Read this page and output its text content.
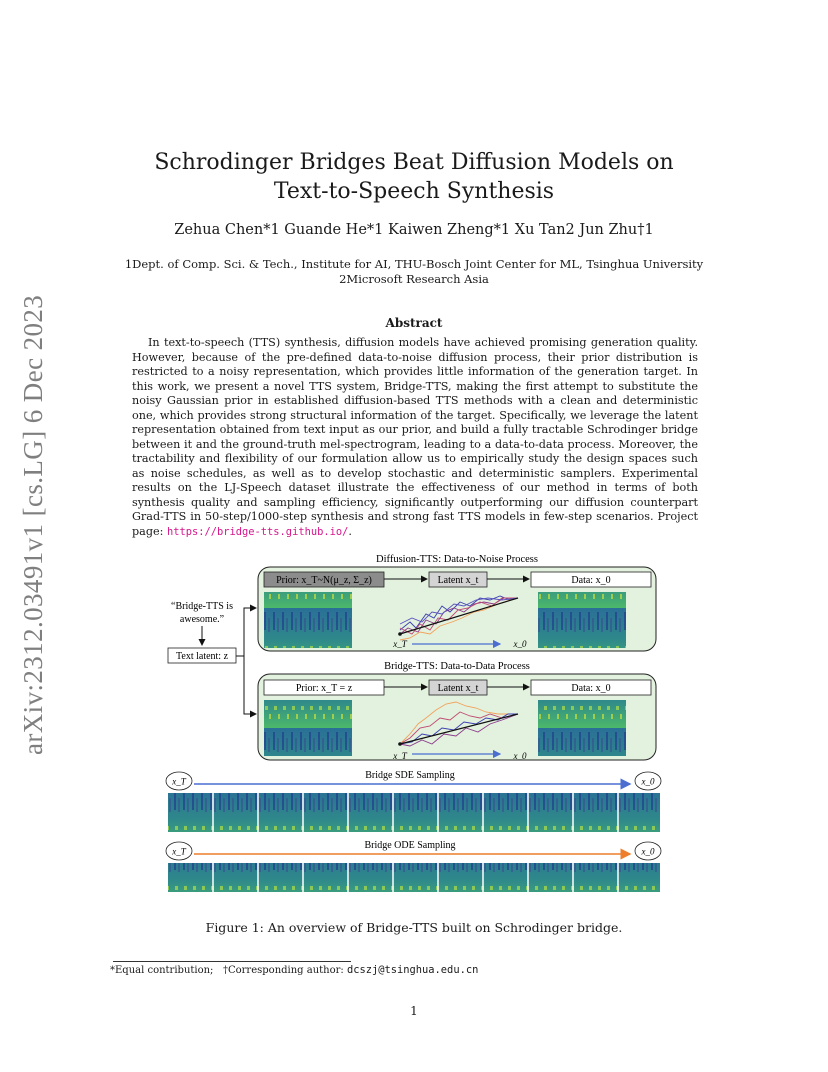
arXiv:2312.03491v1 [cs.LG] 6 Dec 2023
Schrodinger Bridges Beat Diffusion Models on
Text-to-Speech Synthesis
Zehua Chen*1 Guande He*1 Kaiwen Zheng*1 Xu Tan2 Jun Zhu†1
1Dept. of Comp. Sci. & Tech., Institute for AI, THU-Bosch Joint Center for ML, Tsinghua University
2Microsoft Research Asia
Abstract
In text-to-speech (TTS) synthesis, diffusion models have achieved promising generation quality. However, because of the pre-defined data-to-noise diffusion process, their prior distribution is restricted to a noisy representation, which provides little information of the generation target. In this work, we present a novel TTS system, Bridge-TTS, making the first attempt to substitute the noisy Gaussian prior in established diffusion-based TTS methods with a clean and deterministic one, which provides strong structural information of the target. Specifically, we leverage the latent representation obtained from text input as our prior, and build a fully tractable Schrodinger bridge between it and the ground-truth mel-spectrogram, leading to a data-to-data process. Moreover, the tractability and flexibility of our formulation allow us to empirically study the design spaces such as noise schedules, as well as to develop stochastic and deterministic samplers. Experimental results on the LJ-Speech dataset illustrate the effectiveness of our method in terms of both synthesis quality and sampling efficiency, significantly outperforming our diffusion counterpart Grad-TTS in 50-step/1000-step synthesis and strong fast TTS models in few-step scenarios. Project page: https://bridge-tts.github.io/.
Diffusion-TTS: Data-to-Noise Process
Prior: x_T~N(μ_z, Σ_z)	Latent x_t	Data: x_0
x_T	x_0
“Bridge-TTS is
awesome.”
Text latent: z
Bridge-TTS: Data-to-Data Process
Prior: x_T = z	Latent x_t	Data: x_0
x_T	x_0
Bridge SDE Sampling
x_T	x_0
Bridge ODE Sampling
x_T	x_0
Figure 1: An overview of Bridge-TTS built on Schrodinger bridge.
*Equal contribution; †Corresponding author: dcszj@tsinghua.edu.cn
1
